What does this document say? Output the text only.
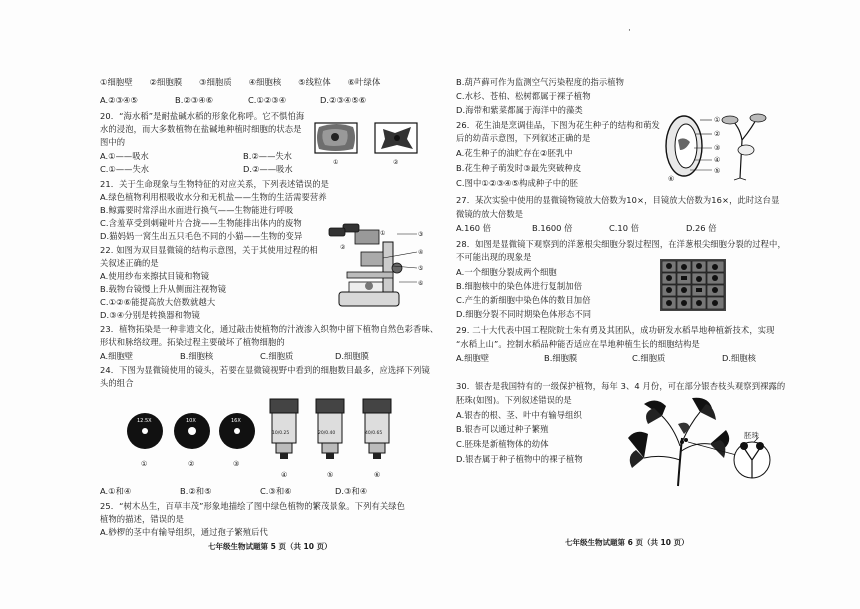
①细胞壁　　②细胞膜　　③细胞质　　④细胞核　　⑤线粒体　　⑥叶绿体
A.②③④⑤	B.②③④⑥	C.①②③④	D.②③④⑤⑥
20．“海水稻”是耐盐碱水稻的形象化称呼。它不惧怕海
水的浸泡，而大多数植物在盐碱地种植时细胞的状态是
图中的
A.①——吸水	B.②——失水
C.①——失水	D.②——吸水
①	②
21．关于生命现象与生物特征的对应关系，下列表述错误的是
A.绿色植物利用根吸收水分和无机盐——生物的生活需要营养
B.鲸露要时常浮出水面进行换气——生物能进行呼吸
C.含羞草受到刺碰叶片合拢——生物能排出体内的废物
D.猫妈妈一窝生出五只毛色不同的小猫——生物的变异
22. 如图为双目显微镜的结构示意图，关于其使用过程的相
关叙述正确的是
A.使用纱布来擦拭目镜和物镜
B.载物台镜慢上升从侧面注视物镜
C.①②⑥能提高放大倍数就越大
D.③④分别是转换器和物镜
①
②
③
④
⑤
⑥
23．植物拓染是一种非遗文化，通过敲击使植物的汁液渗入织物中留下植物自然色彩香味、
形状和脉络纹理。拓染过程主要破坏了植物细胞的
A.细胞壁	B.细胞核	C.细胞质	D.细胞膜
24．下图为显微镜使用的镜头，若要在显微镜视野中看到的细胞数目最多，应选择下列镜
头的组合
12.5X	10X	16X
10/0.25	20/0.40	40/0.65
①	②	③
④	⑤	⑥
A.①和④	B.②和⑤	C.③和⑥	D.③和④
25．“树木丛生，百草丰茂”形象地描绘了图中绿色植物的繁茂景象。下列有关绿色
植物的描述，错误的是
A.桫椤的茎中有输导组织，通过孢子繁殖后代
七年级生物试题第 5 页（共 10 页）
·
B.葫芦藓可作为监测空气污染程度的指示植物
C.水杉、苍柏、松树都属于裸子植物
D.海带和紫菜都属于海洋中的藻类
26．花生油是烹调佳品，下图为花生种子的结构和萌发
后的幼苗示意图，下列叙述正确的是
A.花生种子的油贮存在②胚乳中
B.花生种子萌发时③最先突破种皮
C.图中①②③④⑤构成种子中的胚
①
②
③
④
⑤
⑥
27．某次实验中使用的显微镜物镜放大倍数为10×，目镜放大倍数为16×，此时这台显
微镜的放大倍数是
A.160 倍	B.1600 倍	C.10 倍	D.26 倍
28．如图是显微镜下观察到的洋葱根尖细胞分裂过程图，在洋葱根尖细胞分裂的过程中，
不可能出现的现象是
A.一个细胞分裂成两个细胞
B.细胞核中的染色体进行复制加倍
C.产生的新细胞中染色体的数目加倍
D.细胞分裂不同时期染色体形态不同
29. 二十大代表中国工程院院士朱有勇及其团队，成功研发水稻旱地种植新技术，实现
“水稻上山”。控制水稻品种能否适应在旱地种植生长的细胞结构是
A.细胞壁	B.细胞膜	C.细胞质	D.细胞核
30．银杏是我国特有的一级保护植物，每年 3、4 月份，可在部分银杏枝头观察到裸露的
胚珠(如图)。下列叙述错误的是
A.银杏的根、茎、叶中有输导组织
B.银杏可以通过种子繁殖
C.胚珠是新植物体的幼体
D.银杏属于种子植物中的裸子植物
胚珠
七年级生物试题第 6 页（共 10 页）
